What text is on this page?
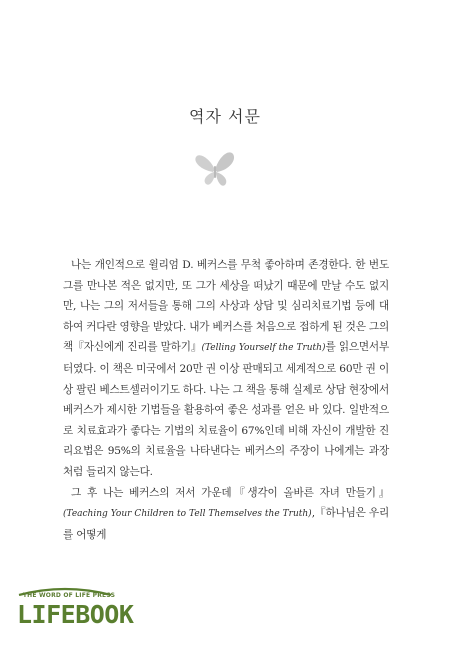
역자 서문

나는 개인적으로 윌리엄 D. 베커스를 무척 좋아하며 존경한다. 한 번도 그를 만나본 적은 없지만, 또 그가 세상을 떠났기 때문에 만날 수도 없지만, 나는 그의 저서들을 통해 그의 사상과 상담 및 심리치료기법 등에 대하여 커다란 영향을 받았다. 내가 베커스를 처음으로 접하게 된 것은 그의 책『자신에게 진리를 말하기』(Telling Yourself the Truth)를 읽으면서부터였다. 이 책은 미국에서 20만 권 이상 판매되고 세계적으로 60만 권 이상 팔린 베스트셀러이기도 하다. 나는 그 책을 통해 실제로 상담 현장에서 베커스가 제시한 기법들을 활용하여 좋은 성과를 얻은 바 있다. 일반적으로 치료효과가 좋다는 기법의 치료율이 67%인데 비해 자신이 개발한 진리요법은 95%의 치료율을 나타낸다는 베커스의 주장이 나에게는 과장처럼 들리지 않는다.

그 후 나는 베커스의 저서 가운데『생각이 올바른 자녀 만들기』(Teaching Your Children to Tell Themselves the Truth),『하나님은 우리를 어떻게

THE WORD OF LIFE PRESS
LIFEBOOK
